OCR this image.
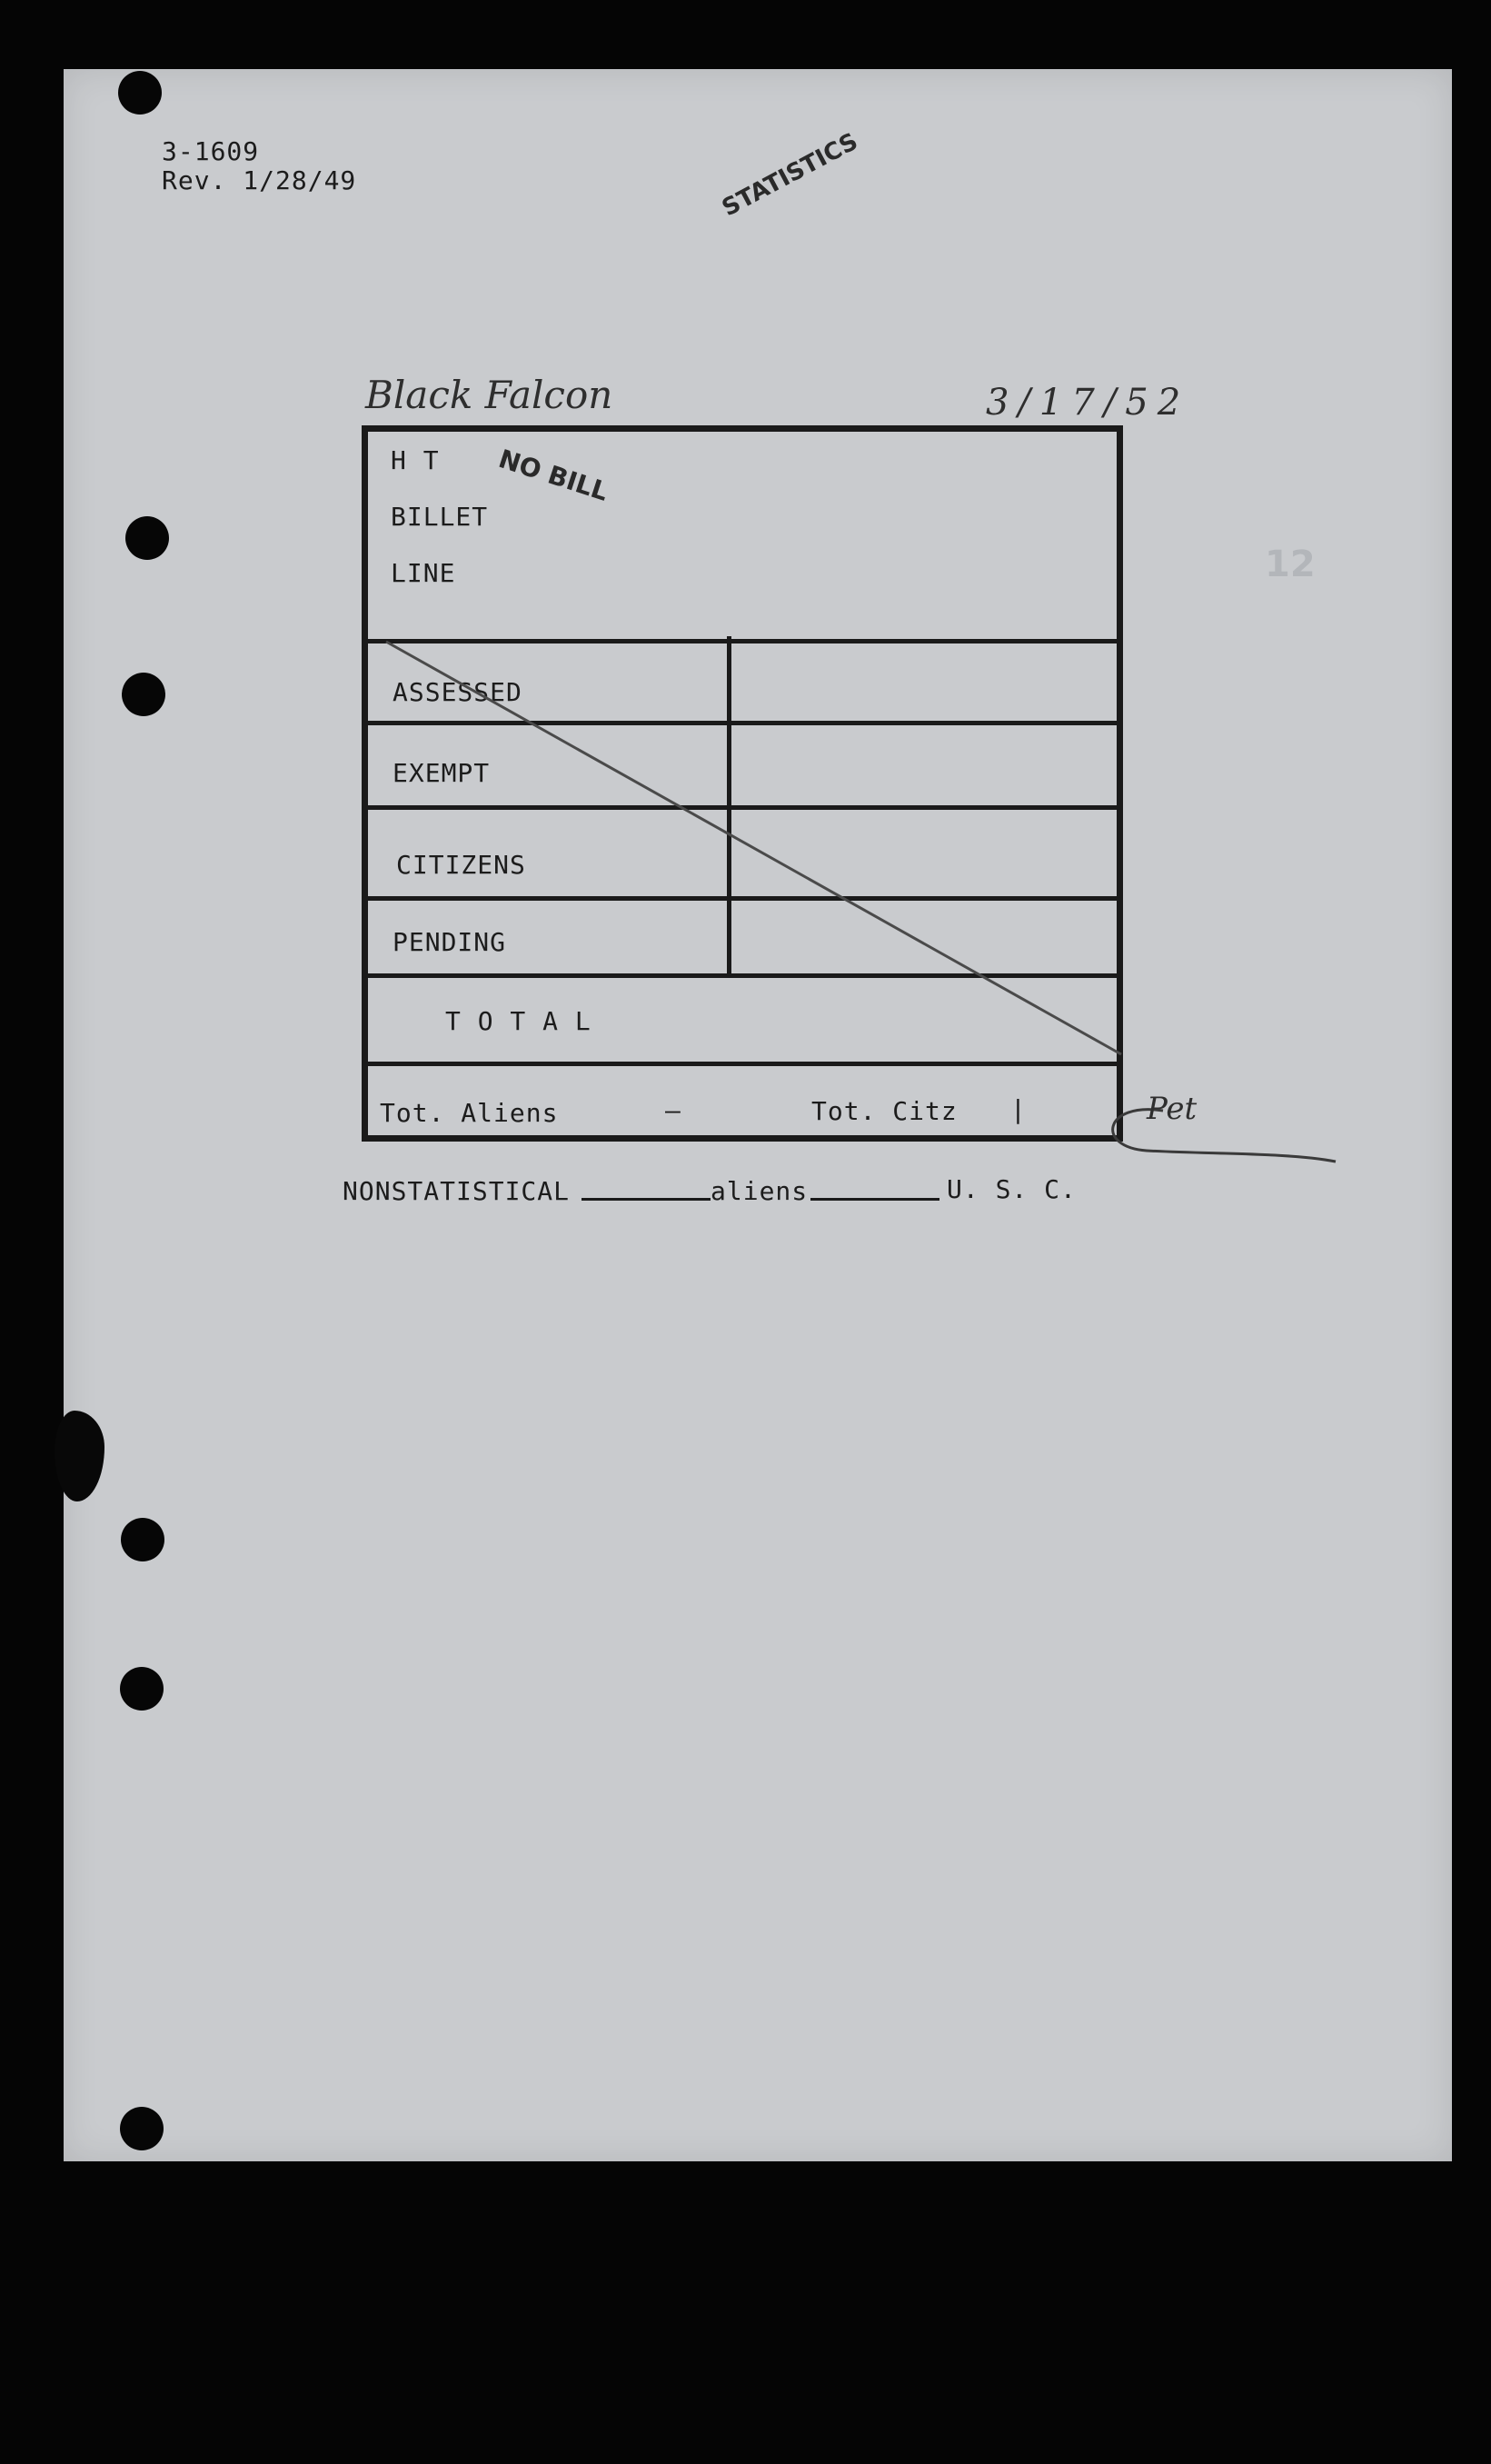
3-1609
Rev. 1/28/49	STATISTICS
Black Falcon	3/17/52
12
H T
BILLET
LINE
NO BILL
ASSESSED
EXEMPT
CITIZENS
PENDING
T O T A L
Tot. Aliens	—	Tot. Citz |	Pet
NONSTATISTICAL	aliens	U. S. C.
